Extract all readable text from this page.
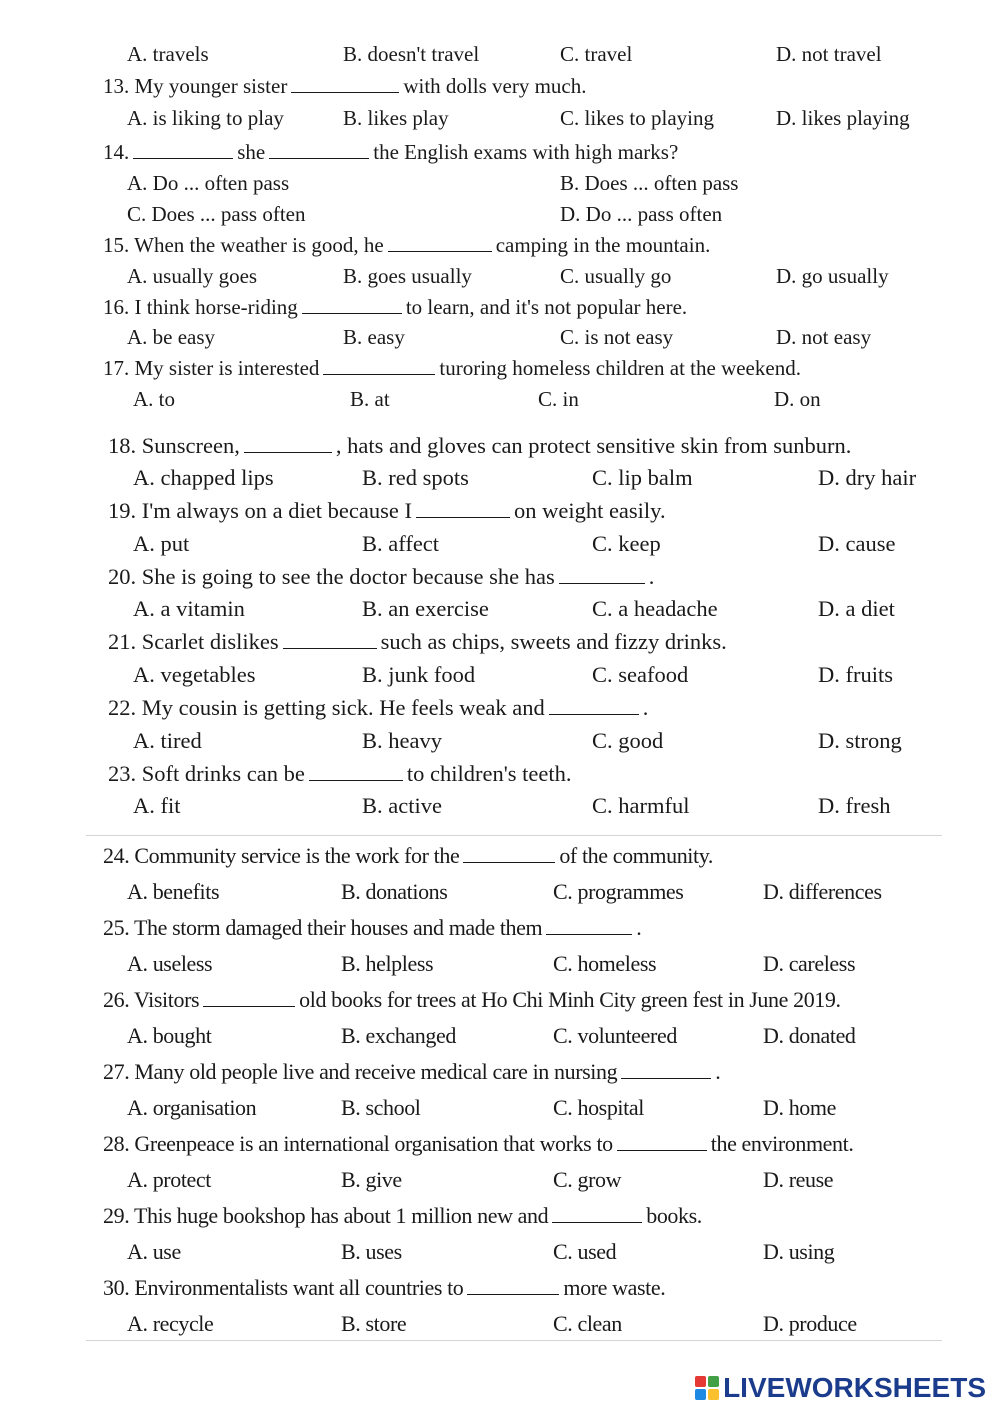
A. travels	B. doesn't travel	C. travel	D. not travel
13. My younger sister	with dolls very much.
A. is liking to play	B. likes play	C. likes to playing	D. likes playing
14.	she	the English exams with high marks?
A. Do ... often pass	B. Does ... often pass
C. Does ... pass often	D. Do ... pass often
15. When the weather is good, he	camping in the mountain.
A. usually goes	B. goes usually	C. usually go	D. go usually
16. I think horse-riding	to learn, and it's not popular here.
A. be easy	B. easy	C. is not easy	D. not easy
17. My sister is interested	turoring homeless children at the weekend.
A. to	B. at	C. in	D. on
18. Sunscreen,	, hats and gloves can protect sensitive skin from sunburn.
A. chapped lips	B. red spots	C. lip balm	D. dry hair
19. I'm always on a diet because I	on weight easily.
A. put	B. affect	C. keep	D. cause
20. She is going to see the doctor because she has	.
A. a vitamin	B. an exercise	C. a headache	D. a diet
21. Scarlet dislikes	such as chips, sweets and fizzy drinks.
A. vegetables	B. junk food	C. seafood	D. fruits
22. My cousin is getting sick. He feels weak and	.
A. tired	B. heavy	C. good	D. strong
23. Soft drinks can be	to children's teeth.
A. fit	B. active	C. harmful	D. fresh
24. Community service is the work for the	of the community.
A. benefits	B. donations	C. programmes	D. differences
25. The storm damaged their houses and made them	.
A. useless	B. helpless	C. homeless	D. careless
26. Visitors	old books for trees at Ho Chi Minh City green fest in June 2019.
A. bought	B. exchanged	C. volunteered	D. donated
27. Many old people live and receive medical care in nursing	.
A. organisation	B. school	C. hospital	D. home
28. Greenpeace is an international organisation that works to	the environment.
A. protect	B. give	C. grow	D. reuse
29. This huge bookshop has about 1 million new and	books.
A. use	B. uses	C. used	D. using
30. Environmentalists want all countries to	more waste.
A. recycle	B. store	C. clean	D. produce
LIVEWORKSHEETS
